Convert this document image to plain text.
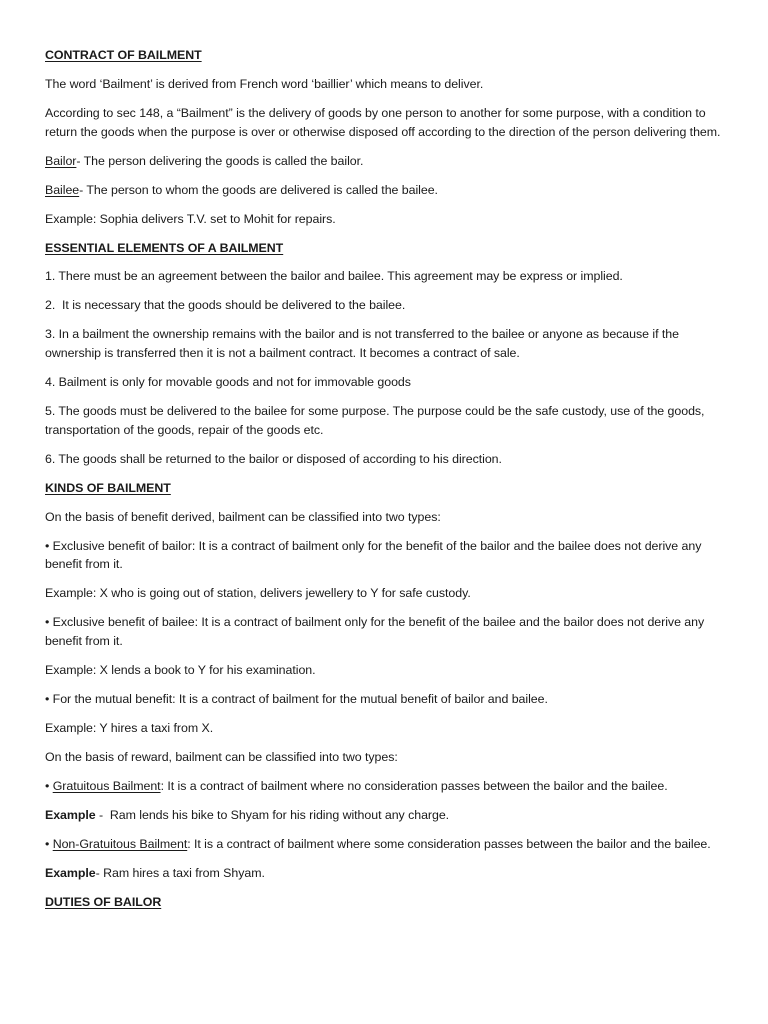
CONTRACT OF BAILMENT

The word ‘Bailment’ is derived from French word ‘baillier’ which means to deliver.

According to sec 148, a “Bailment” is the delivery of goods by one person to another for some purpose, with a condition to return the goods when the purpose is over or otherwise disposed off according to the direction of the person delivering them.

Bailor- The person delivering the goods is called the bailor.

Bailee- The person to whom the goods are delivered is called the bailee.

Example: Sophia delivers T.V. set to Mohit for repairs.

ESSENTIAL ELEMENTS OF A BAILMENT

1. There must be an agreement between the bailor and bailee. This agreement may be express or implied.

2.  It is necessary that the goods should be delivered to the bailee.

3. In a bailment the ownership remains with the bailor and is not transferred to the bailee or anyone as because if the ownership is transferred then it is not a bailment contract. It becomes a contract of sale.

4. Bailment is only for movable goods and not for immovable goods

5. The goods must be delivered to the bailee for some purpose. The purpose could be the safe custody, use of the goods, transportation of the goods, repair of the goods etc.

6. The goods shall be returned to the bailor or disposed of according to his direction.

KINDS OF BAILMENT

On the basis of benefit derived, bailment can be classified into two types:

• Exclusive benefit of bailor: It is a contract of bailment only for the benefit of the bailor and the bailee does not derive any benefit from it.

Example: X who is going out of station, delivers jewellery to Y for safe custody.

• Exclusive benefit of bailee: It is a contract of bailment only for the benefit of the bailee and the bailor does not derive any benefit from it.

Example: X lends a book to Y for his examination.

• For the mutual benefit: It is a contract of bailment for the mutual benefit of bailor and bailee.

Example: Y hires a taxi from X.

On the basis of reward, bailment can be classified into two types:

• Gratuitous Bailment: It is a contract of bailment where no consideration passes between the bailor and the bailee.

Example -  Ram lends his bike to Shyam for his riding without any charge.

• Non-Gratuitous Bailment: It is a contract of bailment where some consideration passes between the bailor and the bailee.

Example- Ram hires a taxi from Shyam.

DUTIES OF BAILOR
